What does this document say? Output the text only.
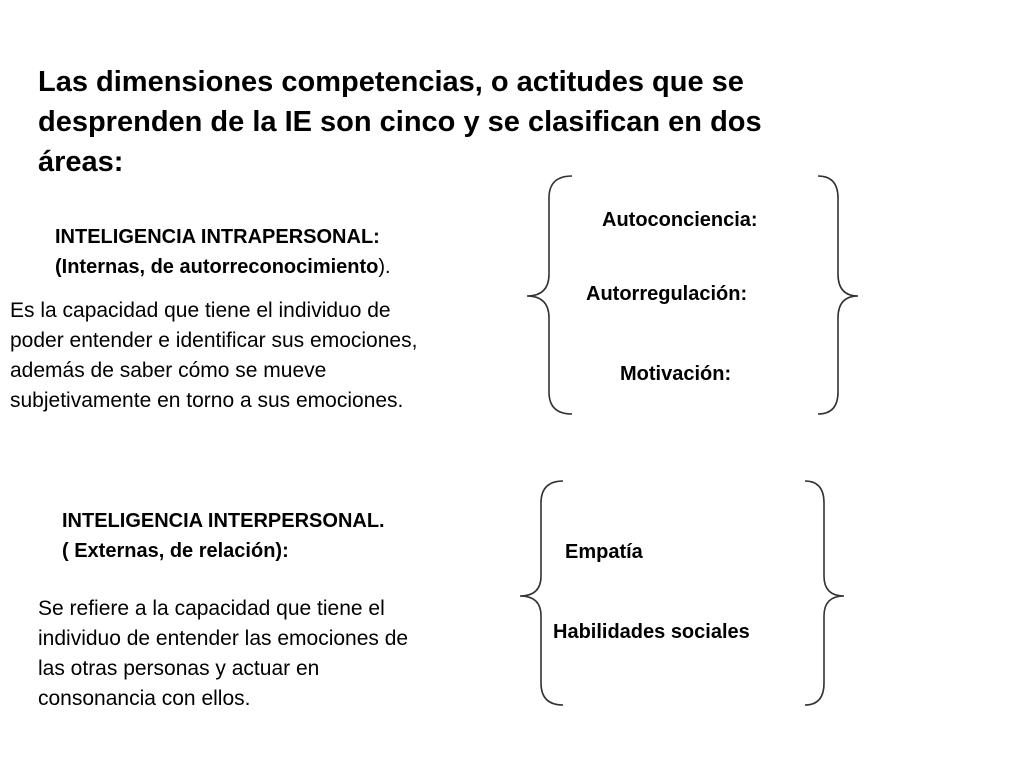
Las dimensiones competencias, o actitudes que se
desprenden de la IE son cinco y se clasifican en dos
áreas:
INTELIGENCIA INTRAPERSONAL:
(Internas, de autorreconocimiento).
Es la capacidad que tiene el individuo de
poder entender e identificar sus emociones,
además de saber cómo se mueve
subjetivamente en torno a sus emociones.
Autoconciencia:
Autorregulación:
Motivación:
INTELIGENCIA INTERPERSONAL.
( Externas, de relación):
Se refiere a la capacidad que tiene el
individuo de entender las emociones de
las otras personas y actuar en
consonancia con ellos.
Empatía
Habilidades sociales
